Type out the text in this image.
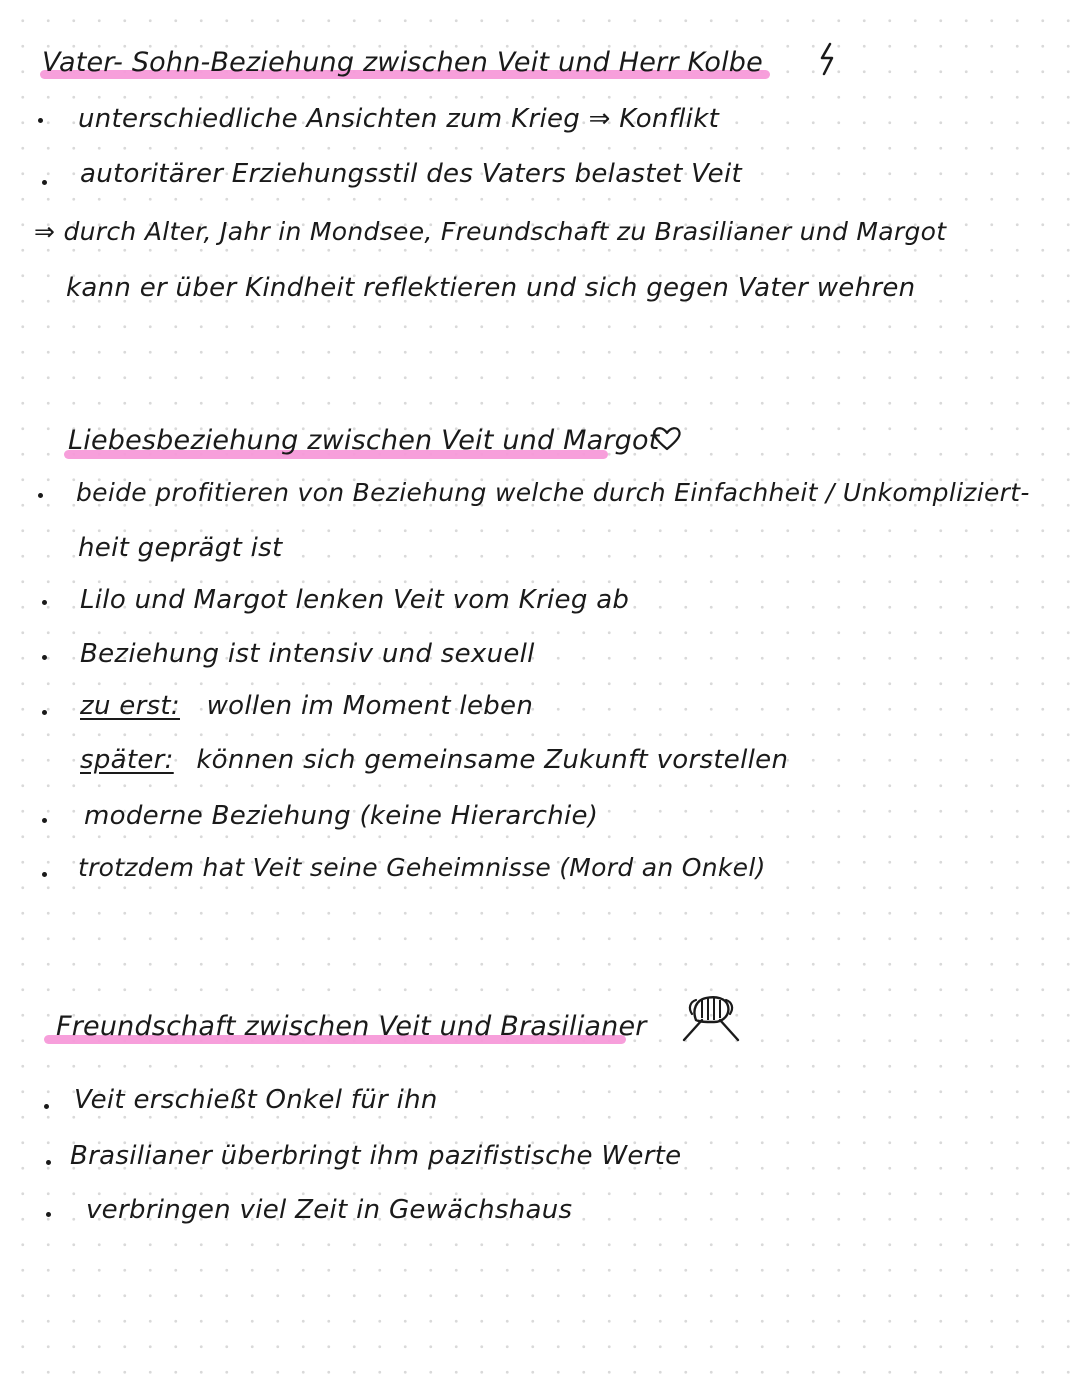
Vater- Sohn-Beziehung zwischen Veit und Herr Kolbe
unterschiedliche Ansichten zum Krieg ⇒ Konflikt
autoritärer Erziehungsstil des Vaters belastet Veit
⇒ durch Alter, Jahr in Mondsee, Freundschaft zu Brasilianer und Margot
kann er über Kindheit reflektieren und sich gegen Vater wehren
Liebesbeziehung zwischen Veit und Margot
beide profitieren von Beziehung welche durch Einfachheit / Unkompliziert-
heit geprägt ist
Lilo und Margot lenken Veit vom Krieg ab
Beziehung ist intensiv und sexuell
zu erst: wollen im Moment leben
später: können sich gemeinsame Zukunft vorstellen
moderne Beziehung (keine Hierarchie)
trotzdem hat Veit seine Geheimnisse (Mord an Onkel)
Freundschaft zwischen Veit und Brasilianer
Veit erschießt Onkel für ihn
Brasilianer überbringt ihm pazifistische Werte
verbringen viel Zeit in Gewächshaus
